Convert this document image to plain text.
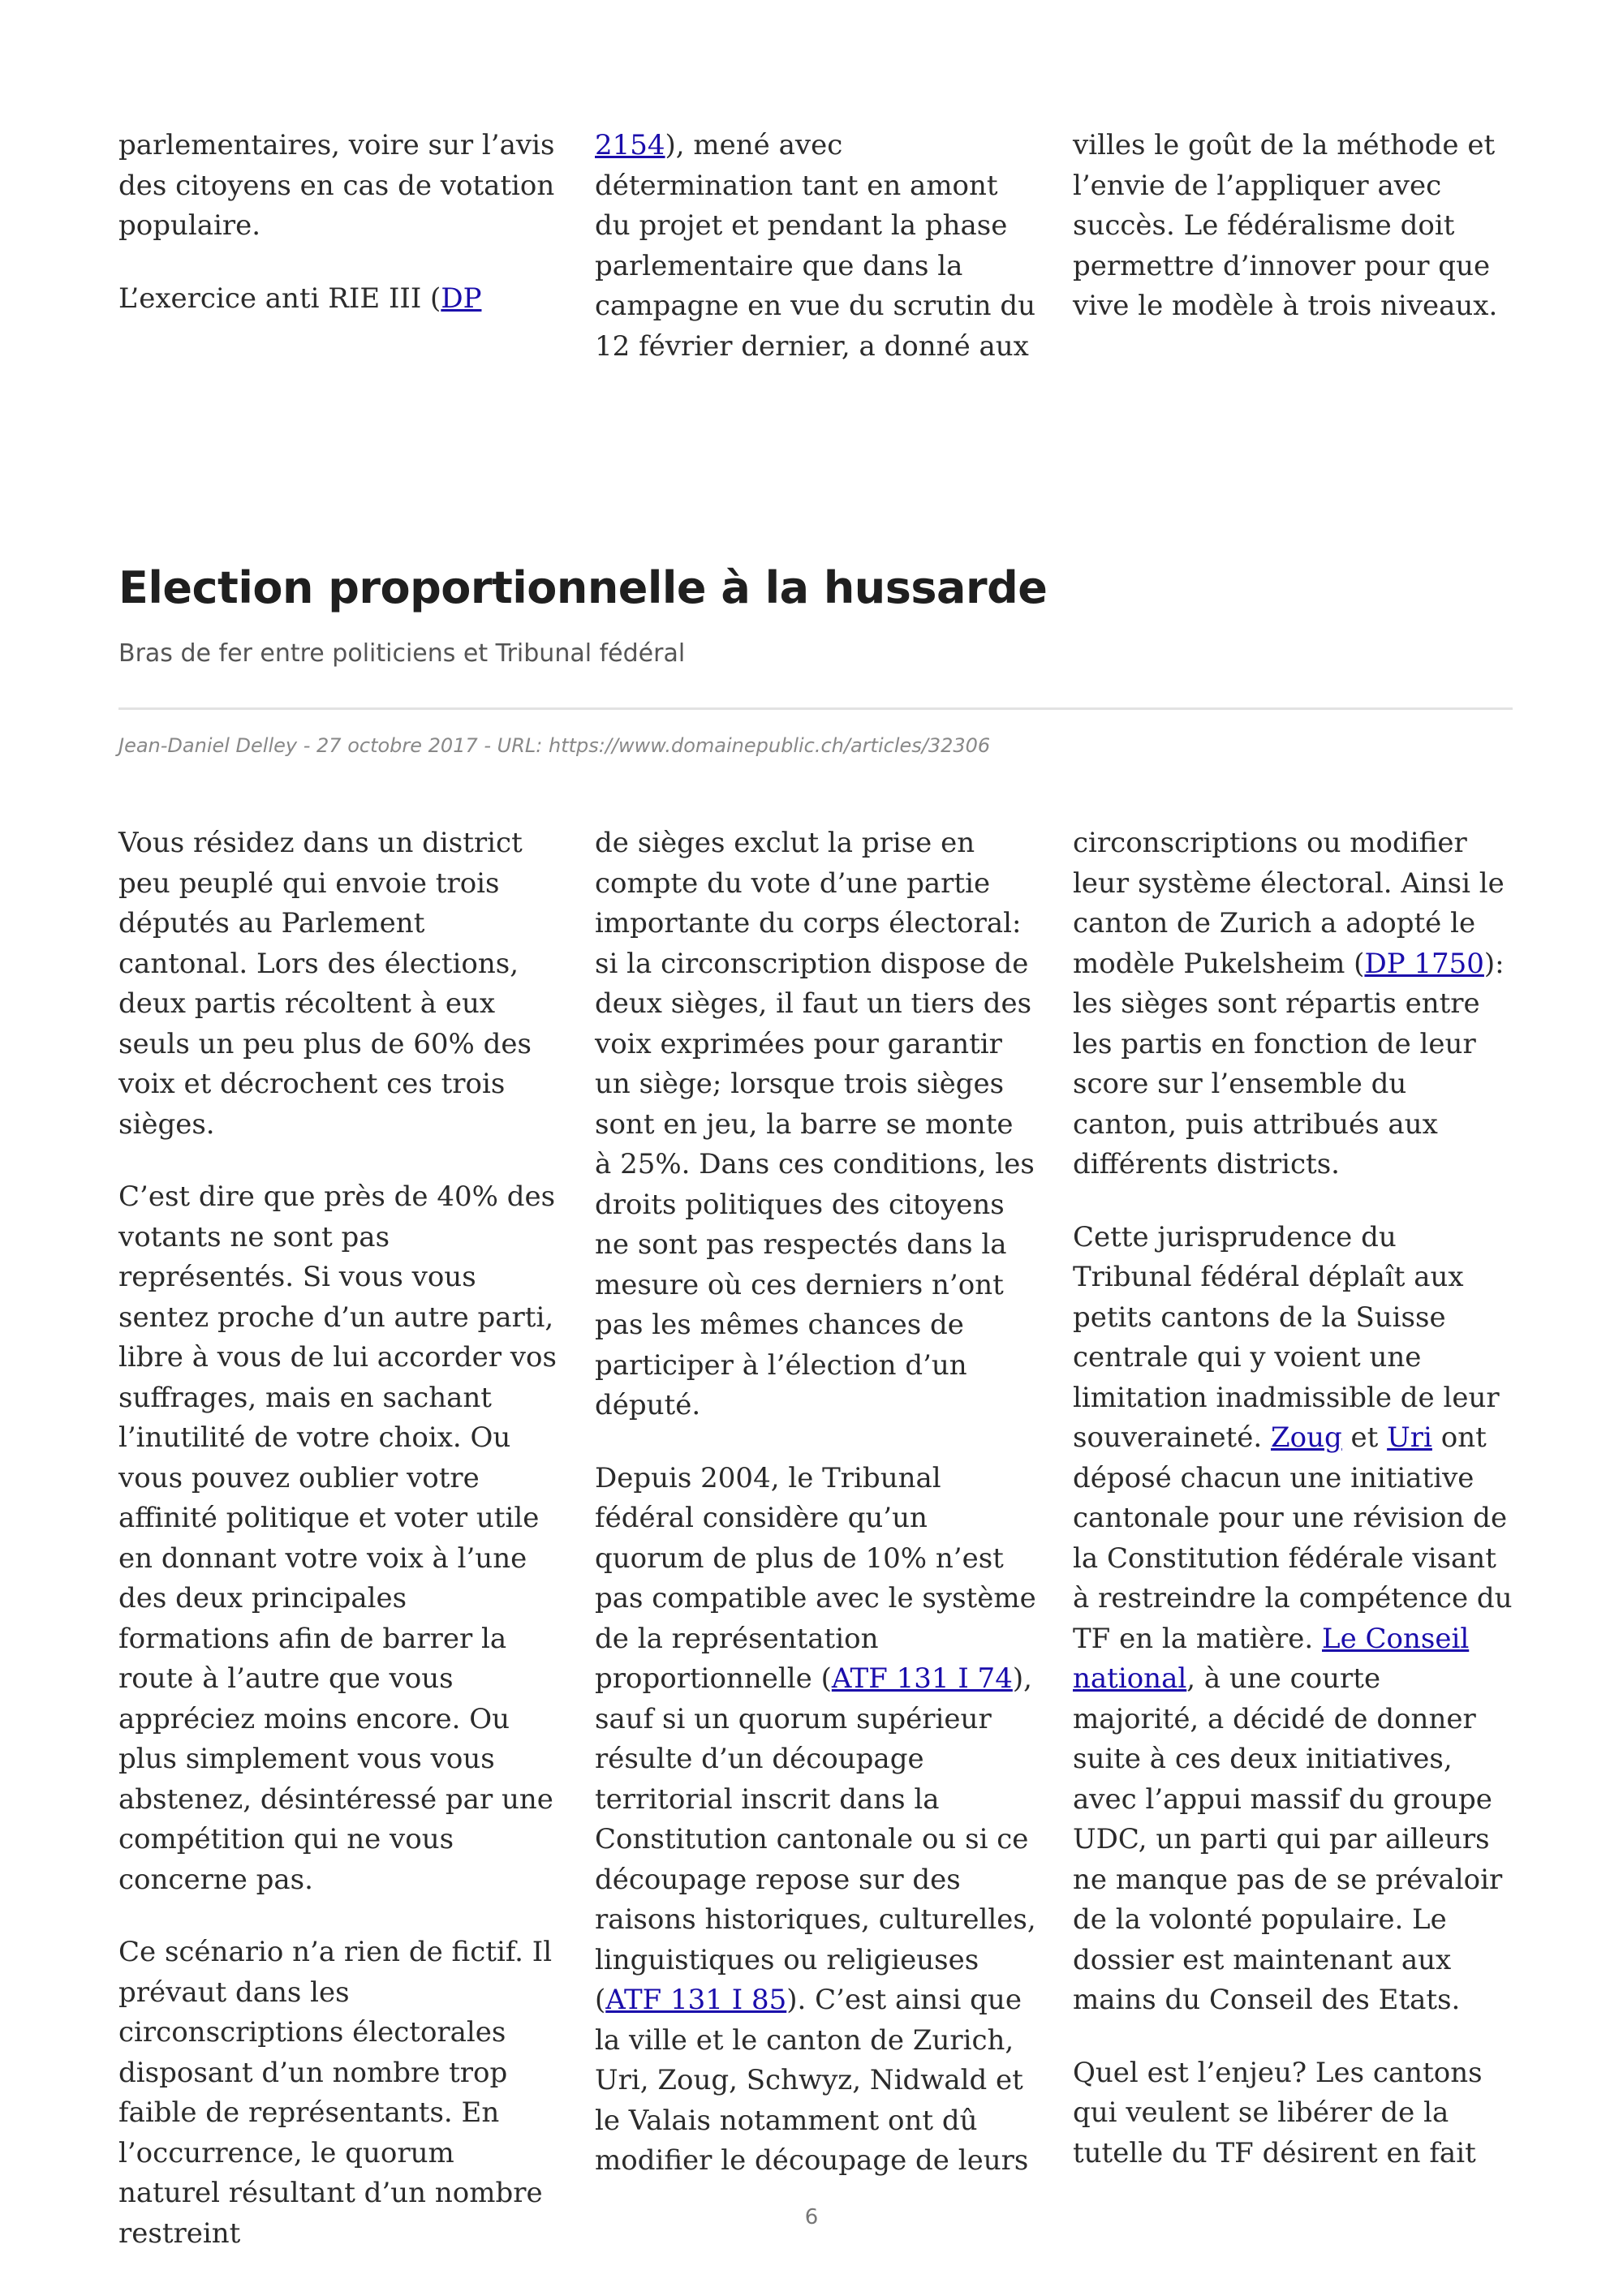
parlementaires, voire sur l’avis des citoyens en cas de votation populaire.

L’exercice anti RIE III (DP

2154), mené avec détermination tant en amont du projet et pendant la phase parlementaire que dans la campagne en vue du scrutin du 12 février dernier, a donné aux

villes le goût de la méthode et l’envie de l’appliquer avec succès. Le fédéralisme doit permettre d’innover pour que vive le modèle à trois niveaux.

Election proportionnelle à la hussarde
Bras de fer entre politiciens et Tribunal fédéral
Jean-Daniel Delley - 27 octobre 2017 - URL: https://www.domainepublic.ch/articles/32306

Vous résidez dans un district peu peuplé qui envoie trois députés au Parlement cantonal. Lors des élections, deux partis récoltent à eux seuls un peu plus de 60% des voix et décrochent ces trois sièges.

C’est dire que près de 40% des votants ne sont pas représentés. Si vous vous sentez proche d’un autre parti, libre à vous de lui accorder vos suffrages, mais en sachant l’inutilité de votre choix. Ou vous pouvez oublier votre affinité politique et voter utile en donnant votre voix à l’une des deux principales formations afin de barrer la route à l’autre que vous appréciez moins encore. Ou plus simplement vous vous abstenez, désintéressé par une compétition qui ne vous concerne pas.

Ce scénario n’a rien de fictif. Il prévaut dans les circonscriptions électorales disposant d’un nombre trop faible de représentants. En l’occurrence, le quorum naturel résultant d’un nombre restreint

de sièges exclut la prise en compte du vote d’une partie importante du corps électoral: si la circonscription dispose de deux sièges, il faut un tiers des voix exprimées pour garantir un siège; lorsque trois sièges sont en jeu, la barre se monte à 25%. Dans ces conditions, les droits politiques des citoyens ne sont pas respectés dans la mesure où ces derniers n’ont pas les mêmes chances de participer à l’élection d’un député.

Depuis 2004, le Tribunal fédéral considère qu’un quorum de plus de 10% n’est pas compatible avec le système de la représentation proportionnelle (ATF 131 I 74), sauf si un quorum supérieur résulte d’un découpage territorial inscrit dans la Constitution cantonale ou si ce découpage repose sur des raisons historiques, culturelles, linguistiques ou religieuses (ATF 131 I 85). C’est ainsi que la ville et le canton de Zurich, Uri, Zoug, Schwyz, Nidwald et le Valais notamment ont dû modifier le découpage de leurs

circonscriptions ou modifier leur système électoral. Ainsi le canton de Zurich a adopté le modèle Pukelsheim (DP 1750): les sièges sont répartis entre les partis en fonction de leur score sur l’ensemble du canton, puis attribués aux différents districts.

Cette jurisprudence du Tribunal fédéral déplaît aux petits cantons de la Suisse centrale qui y voient une limitation inadmissible de leur souveraineté. Zoug et Uri ont déposé chacun une initiative cantonale pour une révision de la Constitution fédérale visant à restreindre la compétence du TF en la matière. Le Conseil national, à une courte majorité, a décidé de donner suite à ces deux initiatives, avec l’appui massif du groupe UDC, un parti qui par ailleurs ne manque pas de se prévaloir de la volonté populaire. Le dossier est maintenant aux mains du Conseil des Etats.

Quel est l’enjeu? Les cantons qui veulent se libérer de la tutelle du TF désirent en fait

6
